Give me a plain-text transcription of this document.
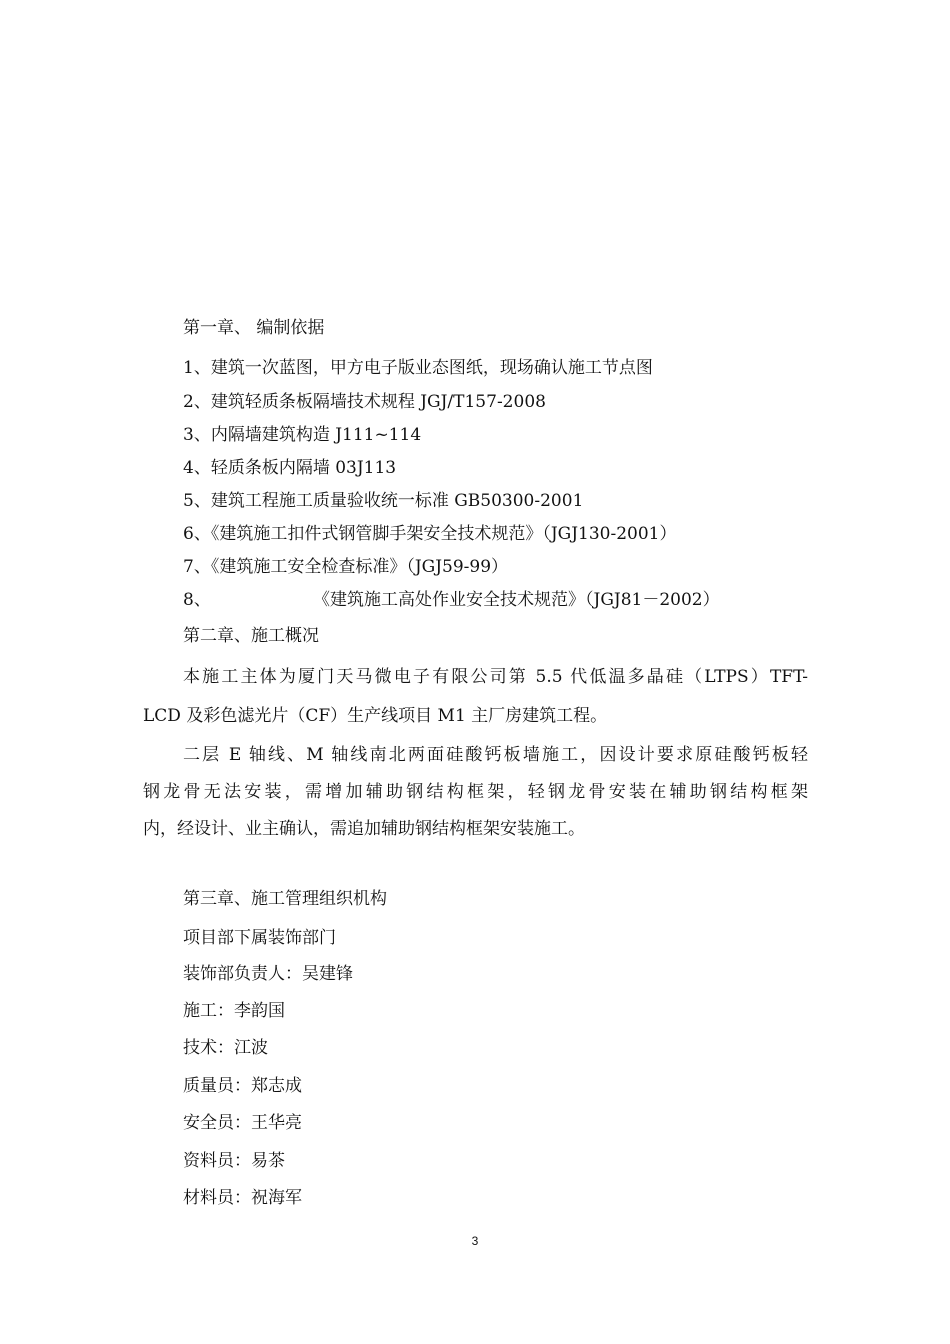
第一章、 编制依据
1、建筑一次蓝图，甲方电子版业态图纸，现场确认施工节点图
2、建筑轻质条板隔墙技术规程 JGJ/T157-2008
3、内隔墙建筑构造 J111~114
4、轻质条板内隔墙 03J113
5、建筑工程施工质量验收统一标准 GB50300-2001
6、《建筑施工扣件式钢管脚手架安全技术规范》（JGJ130-2001）
7、《建筑施工安全检查标准》（JGJ59-99）
8、	《建筑施工高处作业安全技术规范》（JGJ81－2002）
第二章、施工概况
本施工主体为厦门天马微电子有限公司第 5.5 代低温多晶硅（LTPS）TFT-
LCD 及彩色滤光片（CF）生产线项目 M1 主厂房建筑工程。
二层 E 轴线、M 轴线南北两面硅酸钙板墙施工，因设计要求原硅酸钙板轻
钢龙骨无法安装，需增加辅助钢结构框架，轻钢龙骨安装在辅助钢结构框架
内，经设计、业主确认，需追加辅助钢结构框架安装施工。
第三章、施工管理组织机构
项目部下属装饰部门
装饰部负责人：吴建锋
施工：李韵国
技术：江波
质量员：郑志成
安全员：王华亮
资料员：易茶
材料员：祝海军
3
